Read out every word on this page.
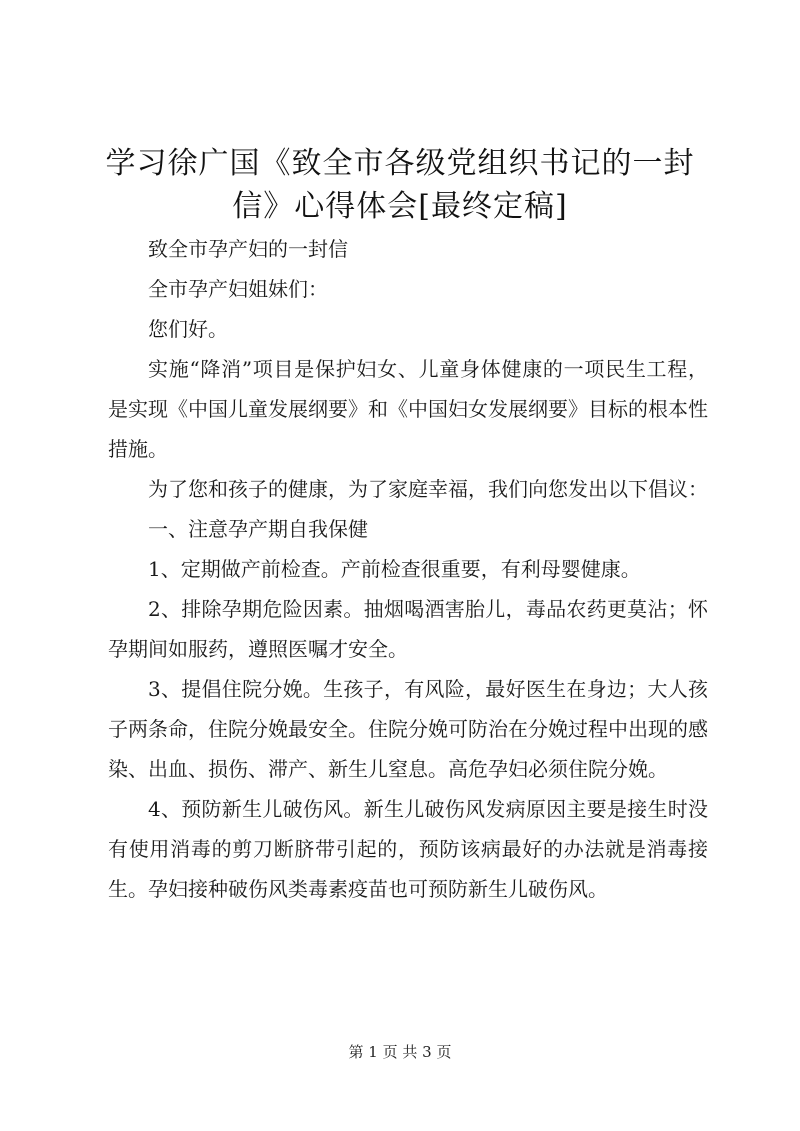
学习徐广国《致全市各级党组织书记的一封
信》心得体会[最终定稿]

致全市孕产妇的一封信

全市孕产妇姐妹们：

您们好。

实施“降消”项目是保护妇女、儿童身体健康的一项民生工程，是实现《中国儿童发展纲要》和《中国妇女发展纲要》目标的根本性措施。

为了您和孩子的健康，为了家庭幸福，我们向您发出以下倡议：

一、注意孕产期自我保健

1、定期做产前检查。产前检查很重要，有利母婴健康。

2、排除孕期危险因素。抽烟喝酒害胎儿，毒品农药更莫沾；怀孕期间如服药，遵照医嘱才安全。

3、提倡住院分娩。生孩子，有风险，最好医生在身边；大人孩子两条命，住院分娩最安全。住院分娩可防治在分娩过程中出现的感染、出血、损伤、滞产、新生儿窒息。高危孕妇必须住院分娩。

4、预防新生儿破伤风。新生儿破伤风发病原因主要是接生时没有使用消毒的剪刀断脐带引起的，预防该病最好的办法就是消毒接生。孕妇接种破伤风类毒素疫苗也可预防新生儿破伤风。

第 1 页 共 3 页
